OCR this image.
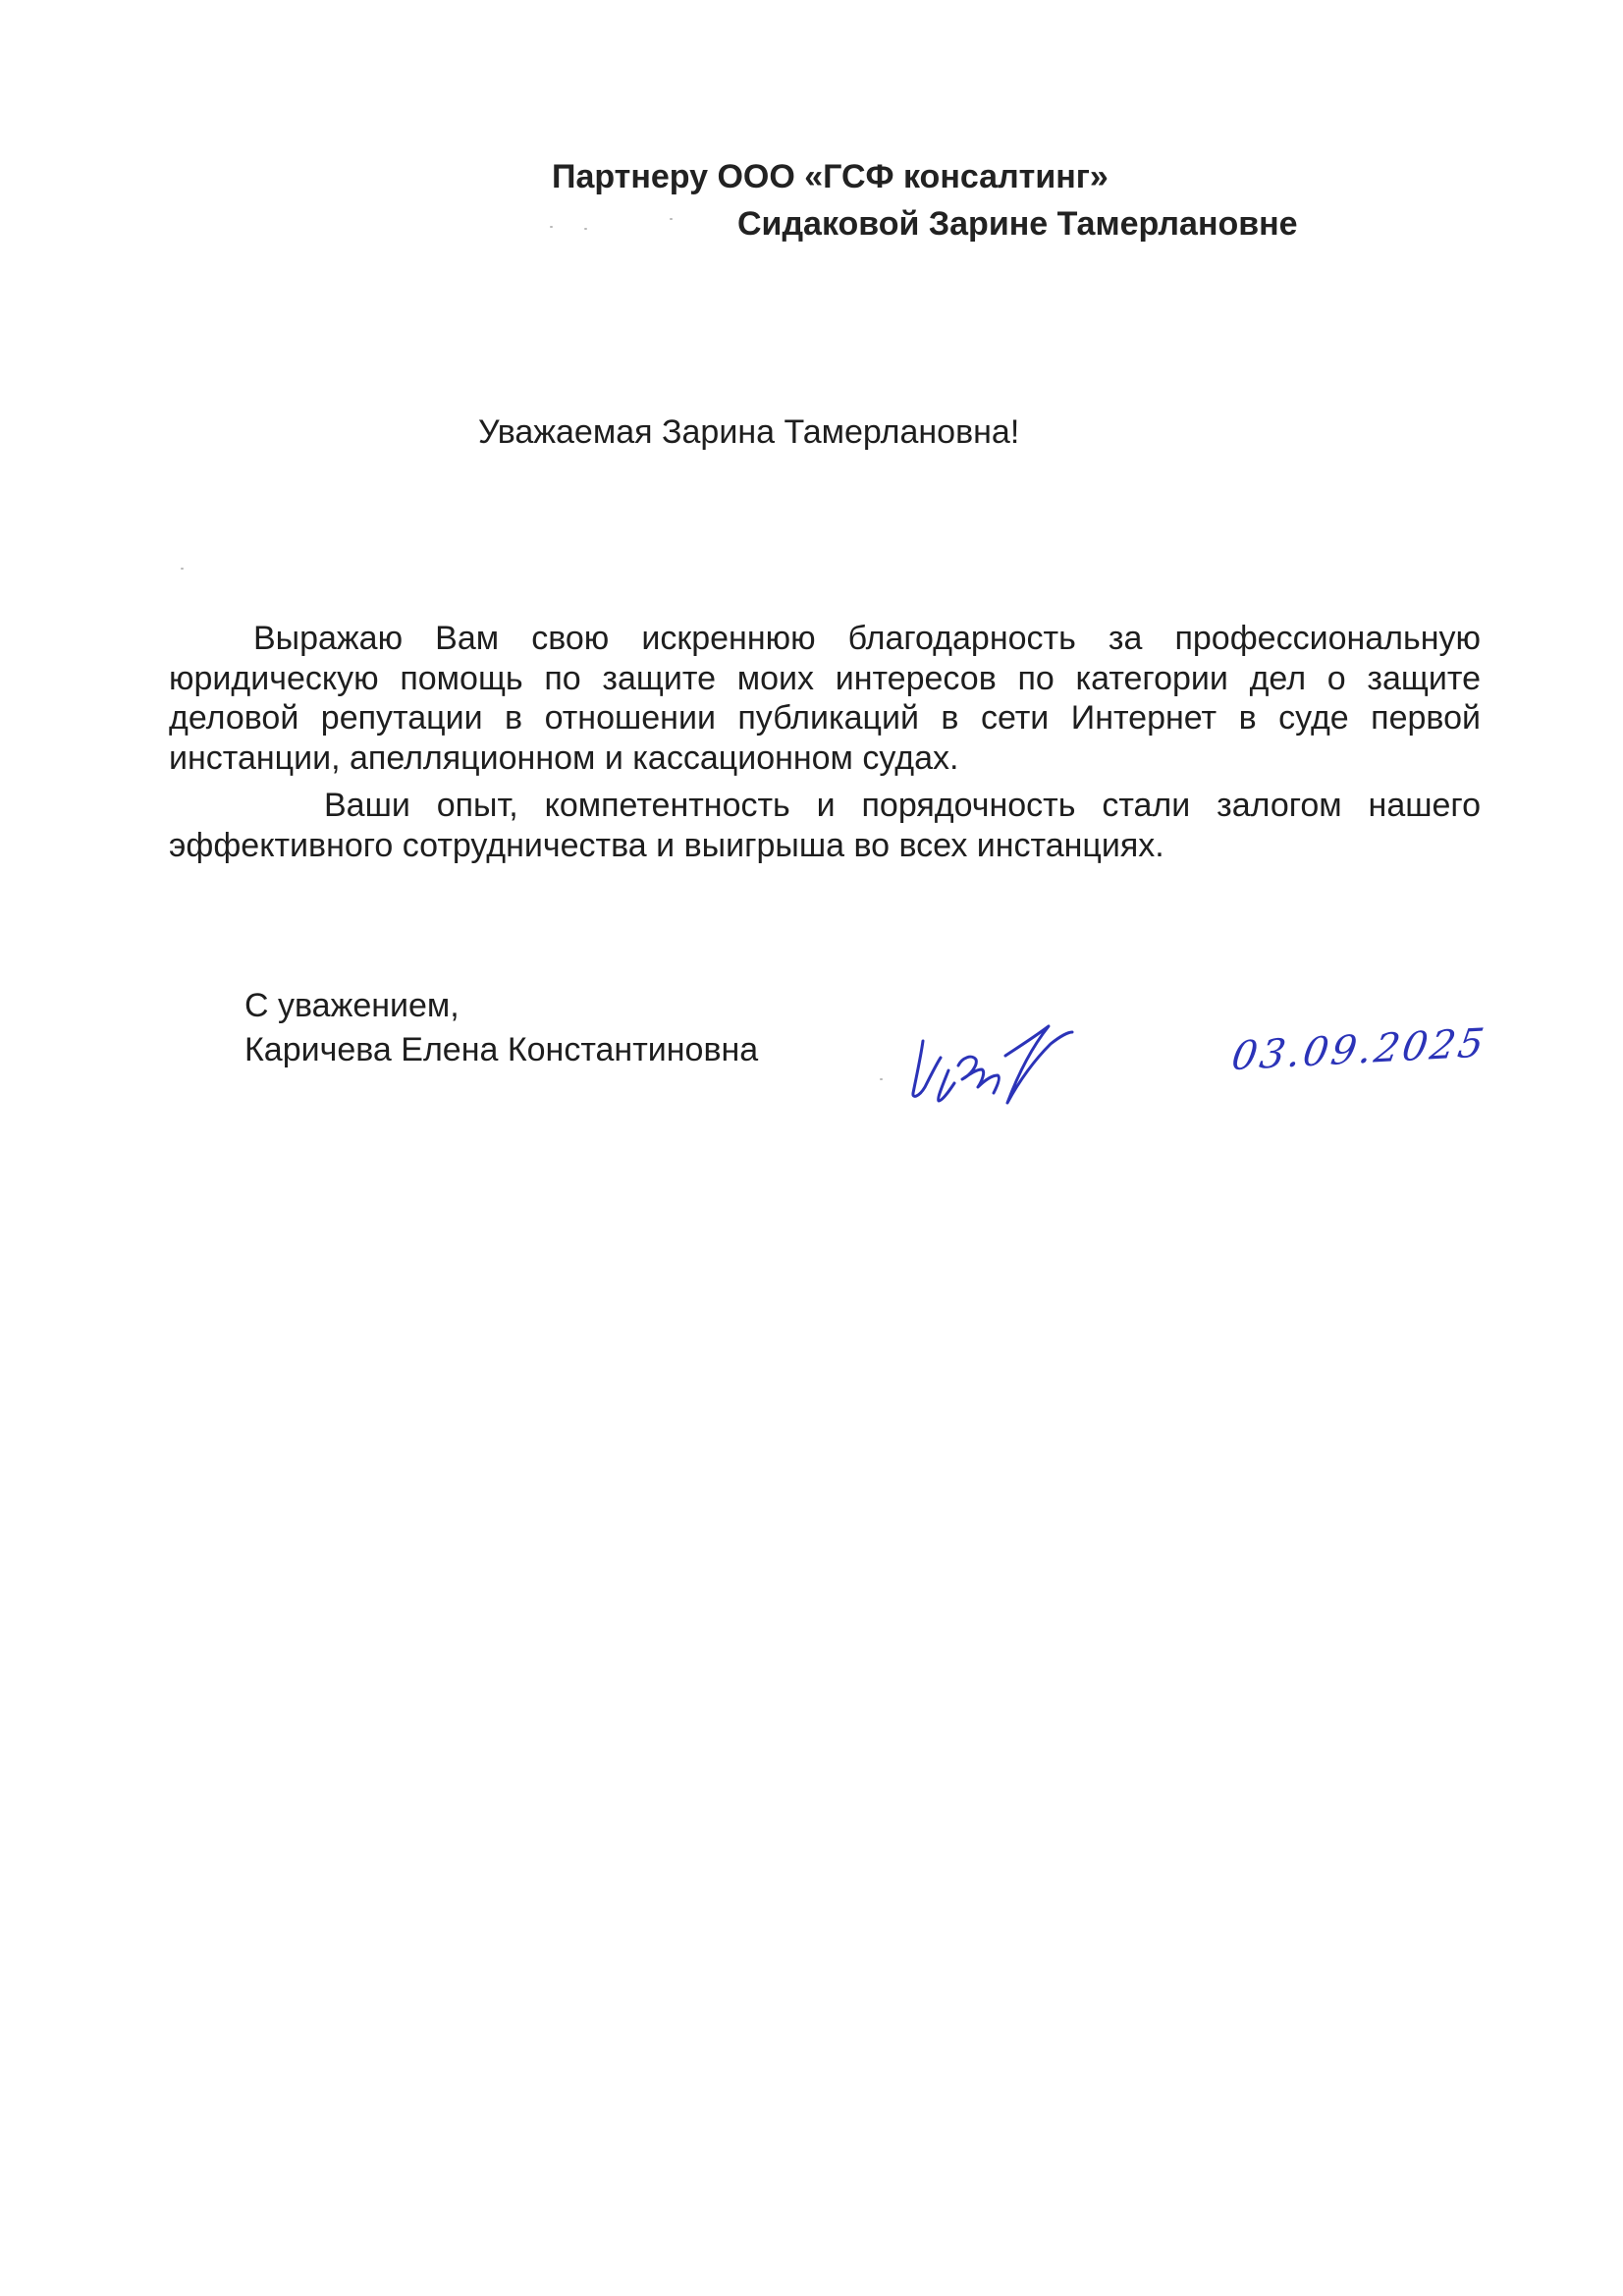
Партнеру ООО «ГСФ консалтинг»
Сидаковой Зарине Тамерлановне
Уважаемая Зарина Тамерлановна!
Выражаю Вам свою искреннюю благодарность за профессиональную юридическую помощь по защите моих интересов по категории дел о защите деловой репутации в отношении публикаций в сети Интернет в суде первой инстанции, апелляционном и кассационном судах.
Ваши опыт, компетентность и порядочность стали залогом нашего эффективного сотрудничества и выигрыша во всех инстанциях.
С уважением,
Каричева Елена Константиновна	03.09.2025
